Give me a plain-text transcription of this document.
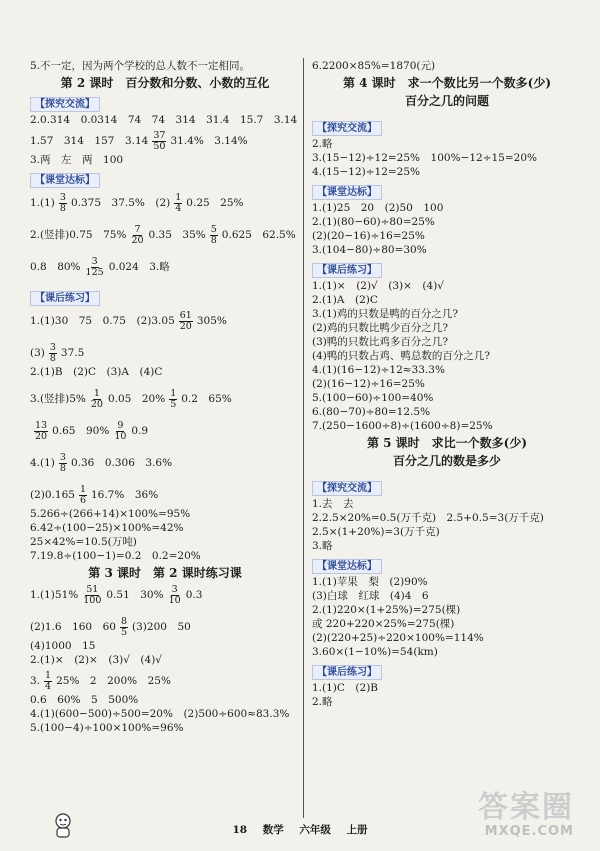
5.不一定，因为两个学校的总人数不一定相同。
第 2 课时　百分数和分数、小数的互化
【探究交流】
2.0.314　0.0314　74　74　314　31.4　15.7　3.14
1.57　314　157　$3.14 \frac{37}{50} 31.4\%$　3.14%
3.两　左　两　100
【课堂达标】
$1.(1) \frac{3}{8} 0.375$　37.5%　$(2) \frac{1}{4} 0.25$　25%
2.(竖排)0.75　$75\% \frac{7}{20} 0.35$　$35\% \frac{5}{8} 0.625$　62.5%
0.8　$80\% \frac{3}{125} 0.024$　3.略
【课后练习】
1.(1)30　75　0.75　$(2)3.05 \frac{61}{20} 305\%$
$(3) \frac{3}{8} 37.5$
2.(1)B　(2)C　(3)A　(4)C
3.(竖排)$5\% \frac{1}{20} 0.05$　$20\% \frac{1}{5} 0.2$　65%
$\frac{13}{20} 0.65$　$90\% \frac{9}{10} 0.9$
$4.(1) \frac{3}{8}$ 0.36̇　0.306　3.6%
$(2)0.165 \frac{1}{6} 16.7\%$　36%
5.266÷(266+14)×100%=95%
6.42÷(100−25)×100%=42%
25×42%=10.5(万吨)
7.19.8÷(100−1)=0.2　0.2=20%
第 3 课时　第 2 课时练习课
$1.(1)51\% \frac{51}{100} 0.51$　$30\% \frac{3}{10} 0.3$
(2)1.6　160　$60 \frac{8}{5} (3)200$　50
(4)1000　15
2.(1)×　(2)×　(3)√　(4)√
3. $\frac{1}{4} 25\%$　2　200%　25%
0.6　60%　5　500%
4.(1)(600−500)÷500=20%　(2)500÷600≈83.3%
5.(100−4)÷100×100%=96%
6.2200×85%=1870(元)
第 4 课时　求一个数比另一个数多(少)
百分之几的问题
【探究交流】
2.略
3.(15−12)÷12=25%　100%−12÷15=20%
4.(15−12)÷12=25%
【课堂达标】
1.(1)25　20　(2)50　100
2.(1)(80−60)÷80=25%
(2)(20−16)÷16=25%
3.(104−80)÷80=30%
【课后练习】
1.(1)×　(2)√　(3)×　(4)√
2.(1)A　(2)C
3.(1)鸡的只数是鸭的百分之几?
(2)鸡的只数比鸭少百分之几?
(3)鸭的只数比鸡多百分之几?
(4)鸭的只数占鸡、鸭总数的百分之几?
4.(1)(16−12)÷12≈33.3%
(2)(16−12)÷16=25%
5.(100−60)÷100=40%
6.(80−70)÷80=12.5%
7.(250−1600÷8)÷(1600÷8)=25%
第 5 课时　求比一个数多(少)
百分之几的数是多少
【探究交流】
1.去　去
2.2.5×20%=0.5(万千克)　2.5+0.5=3(万千克)
2.5×(1+20%)=3(万千克)
3.略
【课堂达标】
1.(1)苹果　梨　(2)90%
(3)白球　红球　(4)4　6
2.(1)220×(1+25%)=275(棵)
或 220+220×25%=275(棵)
(2)(220+25)÷220×100%=114%
3.60×(1−10%)=54(km)
【课后练习】
1.(1)C　(2)B
2.略
18 数学 六年级 上册
答案圈
MXQE.COM
